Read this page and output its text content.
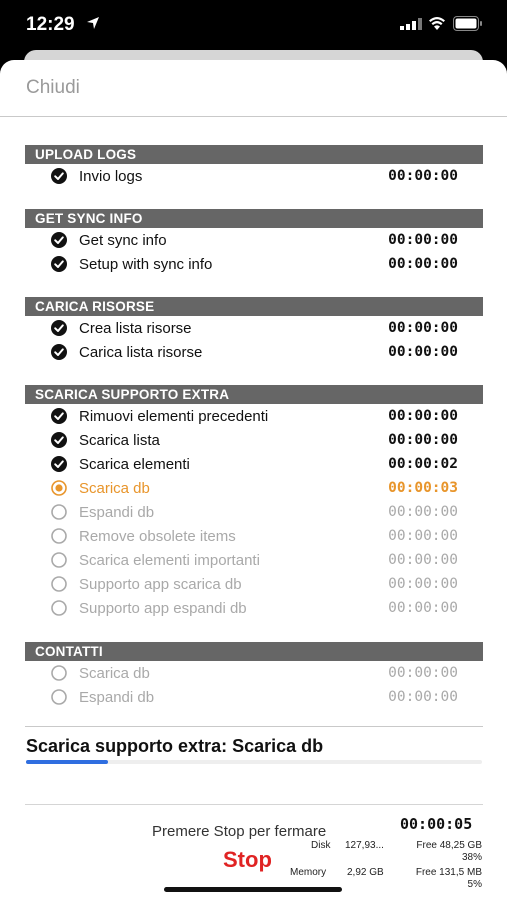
12:29
Chiudi
UPLOAD LOGS
Invio logs	00:00:00
GET SYNC INFO
Get sync info	00:00:00
Setup with sync info	00:00:00
CARICA RISORSE
Crea lista risorse	00:00:00
Carica lista risorse	00:00:00
SCARICA SUPPORTO EXTRA
Rimuovi elementi precedenti	00:00:00
Scarica lista	00:00:00
Scarica elementi	00:00:02
Scarica db	00:00:03
Espandi db	00:00:00
Remove obsolete items	00:00:00
Scarica elementi importanti	00:00:00
Supporto app scarica db	00:00:00
Supporto app espandi db	00:00:00
CONTATTI
Scarica db	00:00:00
Espandi db	00:00:00
Scarica supporto extra: Scarica db
Premere Stop per fermare	00:00:05
Stop
Disk 127,93...	Free 48,25 GB
38%
Memory 2,92 GB	Free 131,5 MB
5%
